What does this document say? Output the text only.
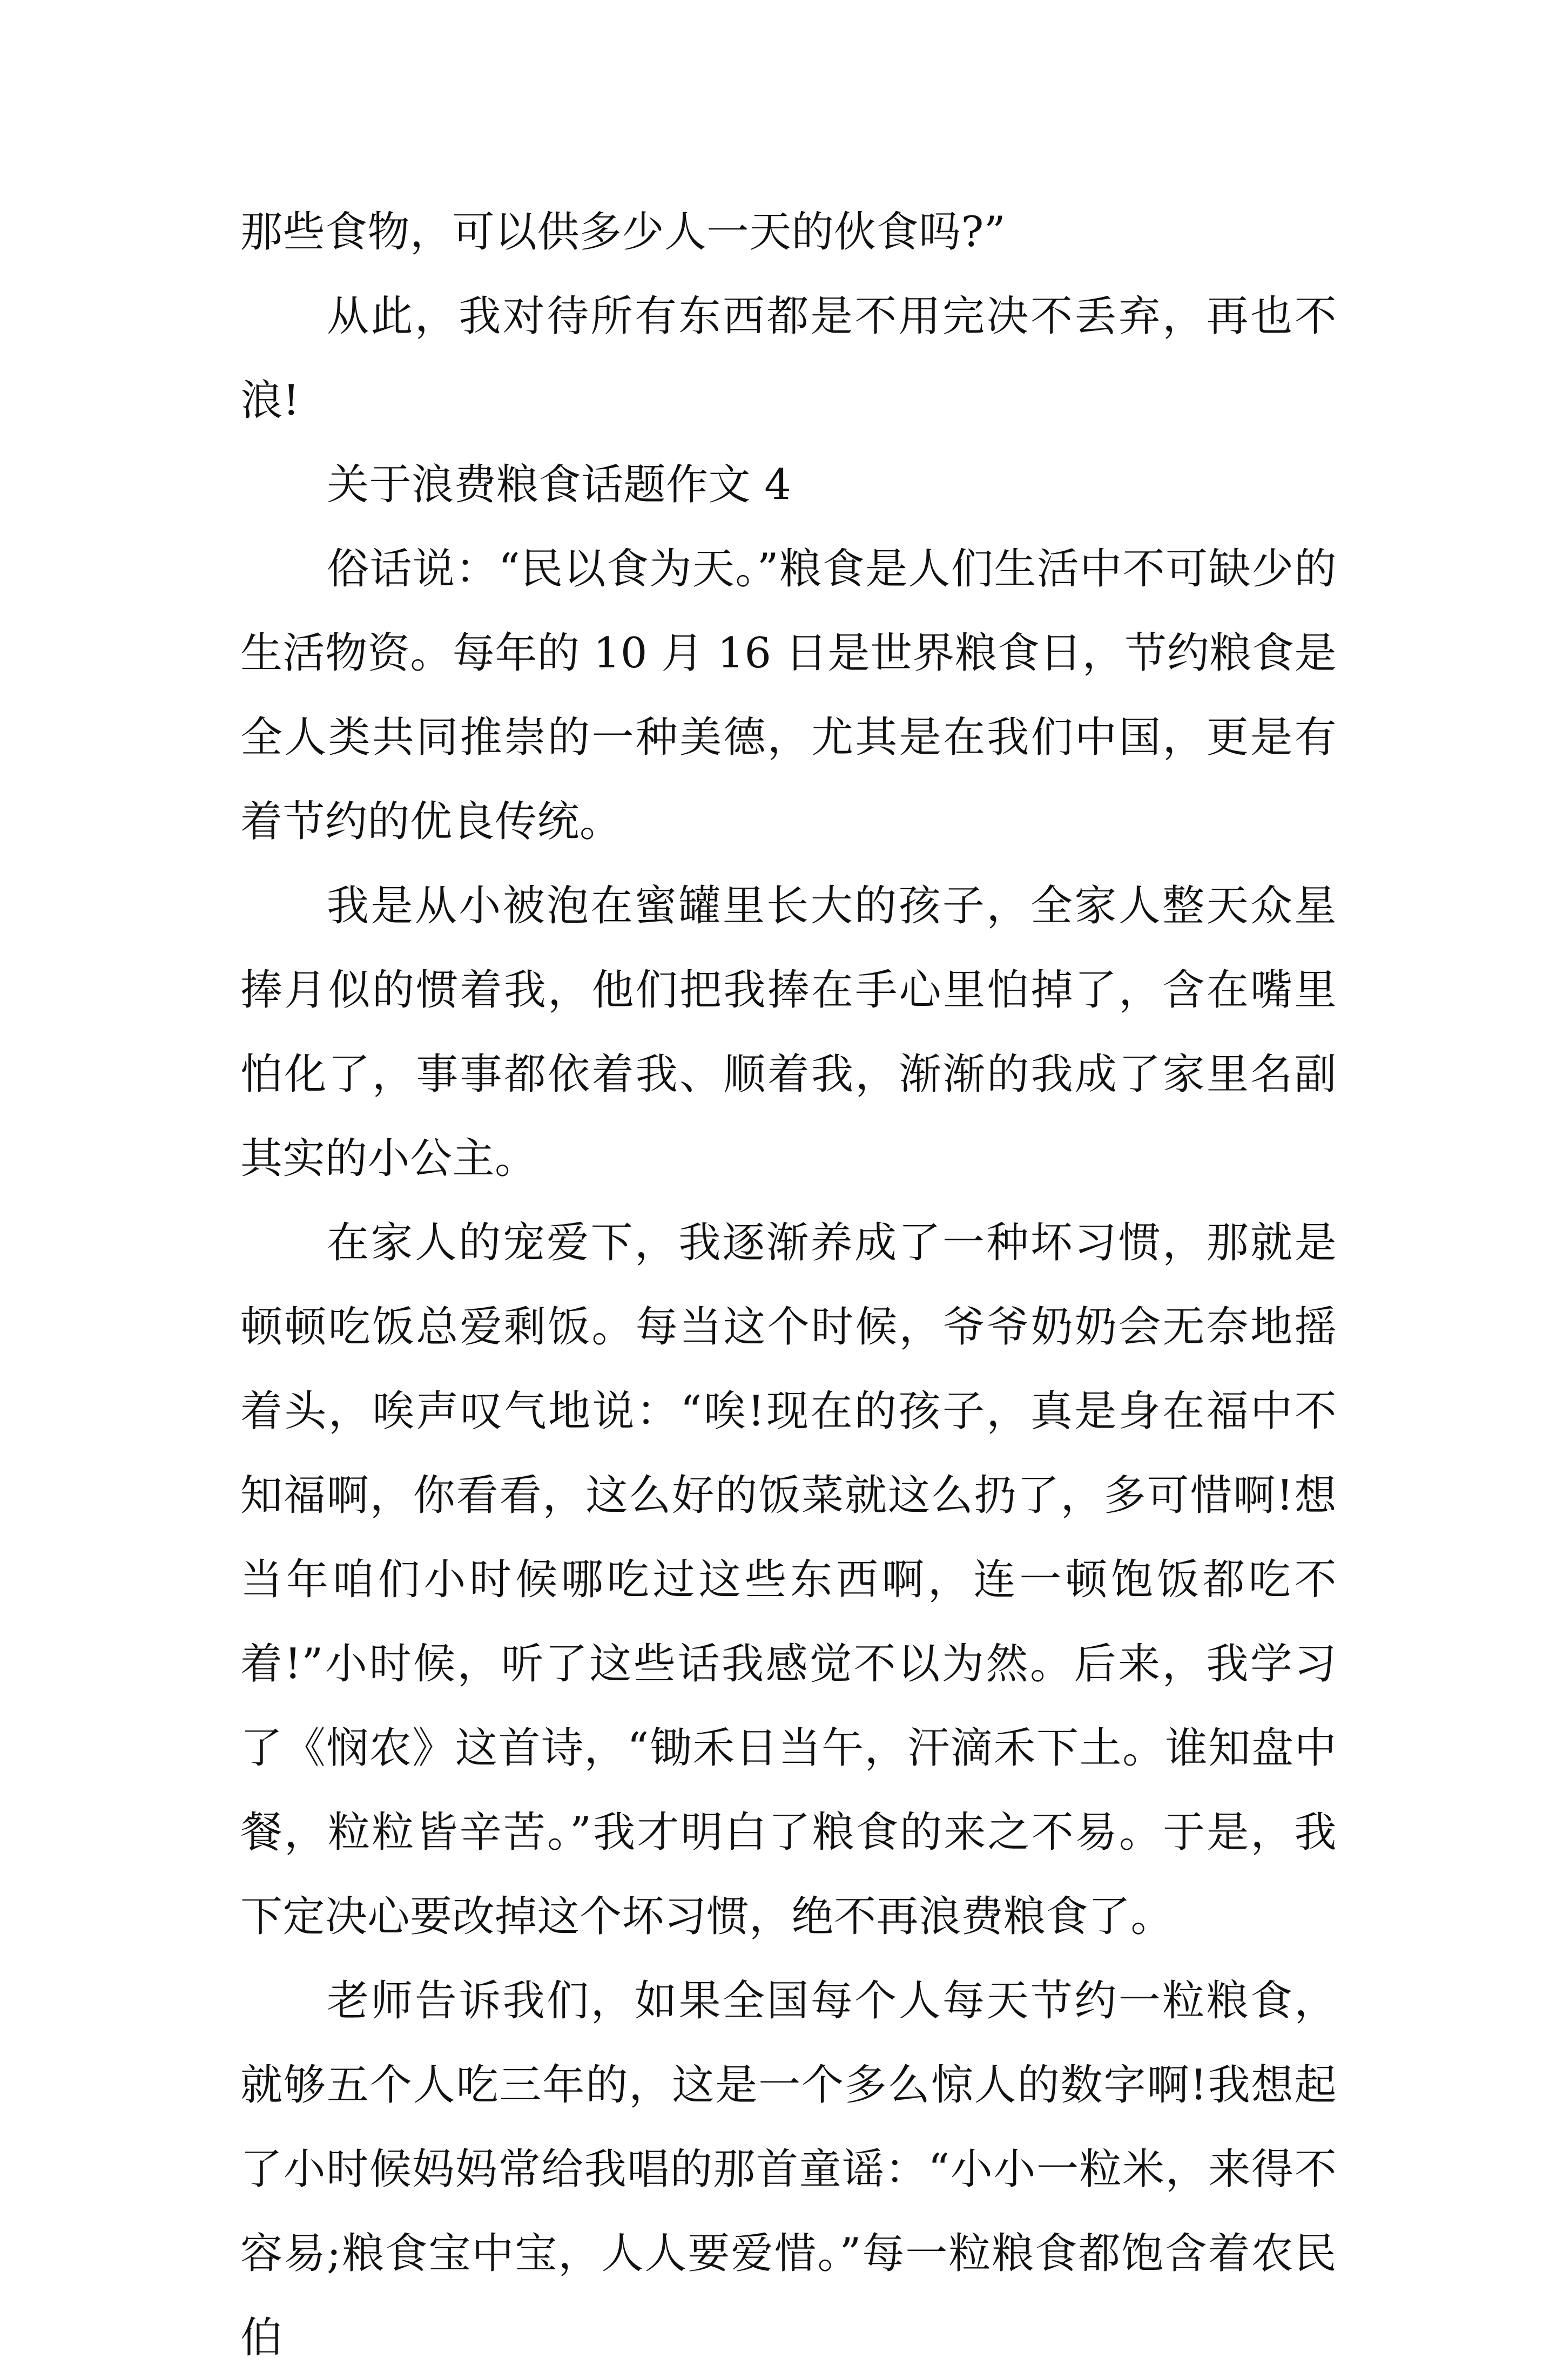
那些食物，可以供多少人一天的伙食吗?”

从此，我对待所有东西都是不用完决不丢弃，再也不浪!

关于浪费粮食话题作文 4

俗话说：“民以食为天。”粮食是人们生活中不可缺少的生活物资。每年的 10 月 16 日是世界粮食日，节约粮食是全人类共同推崇的一种美德，尤其是在我们中国，更是有着节约的优良传统。

我是从小被泡在蜜罐里长大的孩子，全家人整天众星捧月似的惯着我，他们把我捧在手心里怕掉了，含在嘴里怕化了，事事都依着我、顺着我，渐渐的我成了家里名副其实的小公主。

在家人的宠爱下，我逐渐养成了一种坏习惯，那就是顿顿吃饭总爱剩饭。每当这个时候，爷爷奶奶会无奈地摇着头，唉声叹气地说：“唉!现在的孩子，真是身在福中不知福啊，你看看，这么好的饭菜就这么扔了，多可惜啊!想当年咱们小时候哪吃过这些东西啊，连一顿饱饭都吃不着!”小时候，听了这些话我感觉不以为然。后来，我学习了《悯农》这首诗，“锄禾日当午，汗滴禾下土。谁知盘中餐，粒粒皆辛苦。”我才明白了粮食的来之不易。于是，我下定决心要改掉这个坏习惯，绝不再浪费粮食了。

老师告诉我们，如果全国每个人每天节约一粒粮食，就够五个人吃三年的，这是一个多么惊人的数字啊!我想起了小时候妈妈常给我唱的那首童谣：“小小一粒米，来得不容易;粮食宝中宝，人人要爱惜。”每一粒粮食都饱含着农民伯
